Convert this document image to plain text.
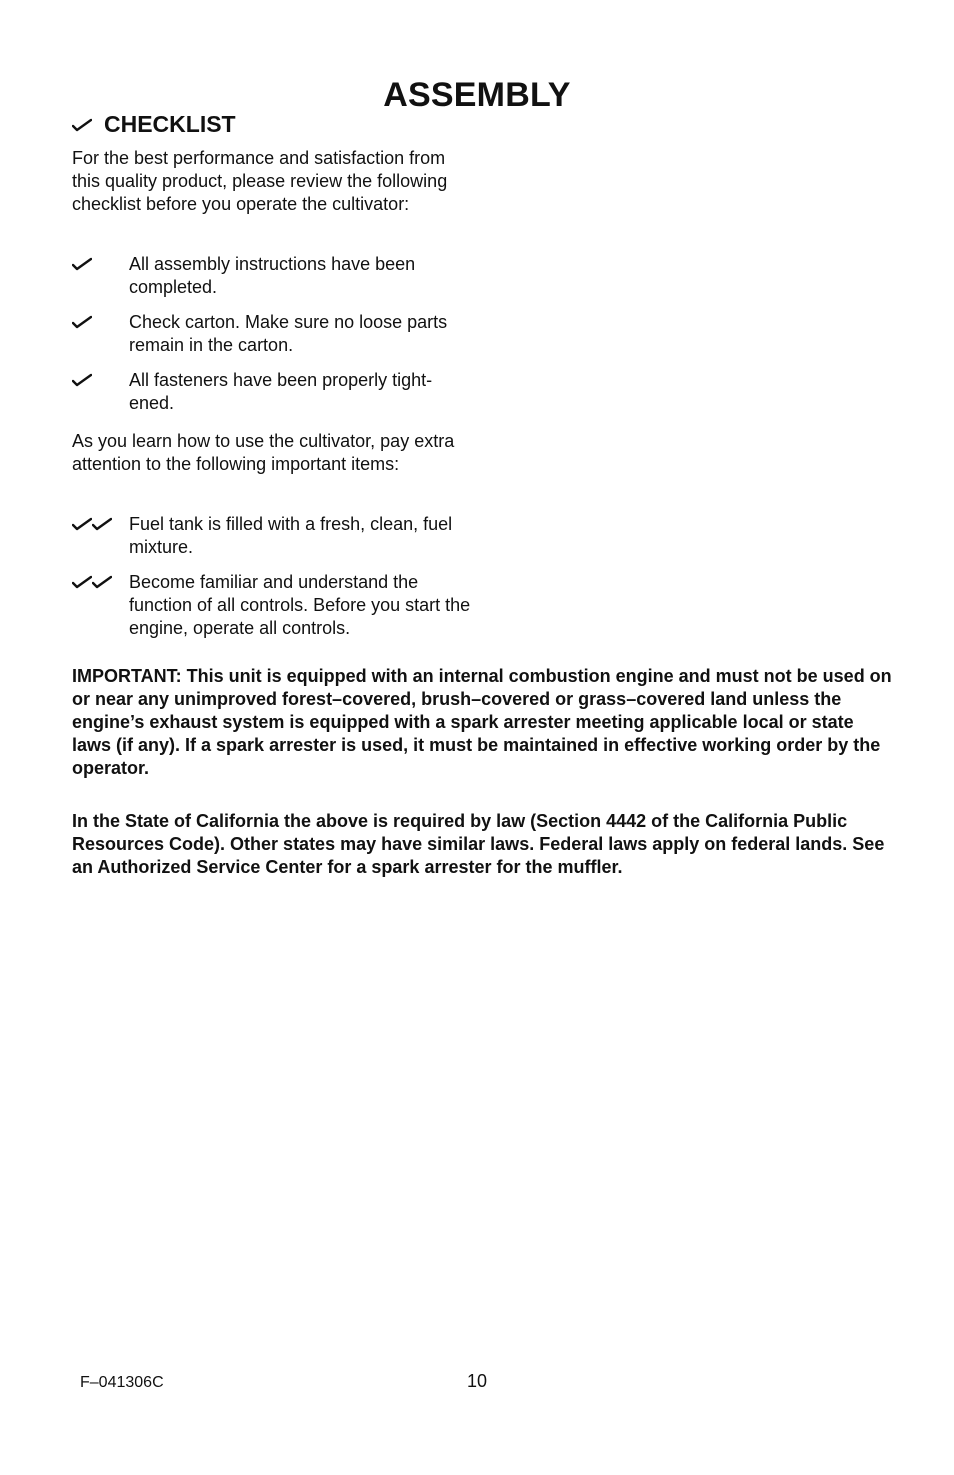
ASSEMBLY
CHECKLIST

For the best performance and satisfaction from this quality product, please review the following checklist before you operate the cultivator:

All assembly instructions have been completed.
Check carton. Make sure no loose parts remain in the carton.
All fasteners have been properly tight- ened.

As you learn how to use the cultivator, pay extra attention to the following important items:

Fuel tank is filled with a fresh, clean, fuel mixture.
Become familiar and understand the function of all controls. Before you start the engine, operate all controls.

IMPORTANT: This unit is equipped with an internal combustion engine and must not be used on or near any unimproved forest–covered, brush–covered or grass–covered land unless the engine’s exhaust system is equipped with a spark arrester meeting applicable local or state laws (if any). If a spark arrester is used, it must be maintained in effective working order by the operator.

In the State of California the above is required by law (Section 4442 of the California Public Resources Code). Other states may have similar laws. Federal laws apply on federal lands. See an Authorized Service Center for a spark arrester for the muffler.

F–041306C	10
